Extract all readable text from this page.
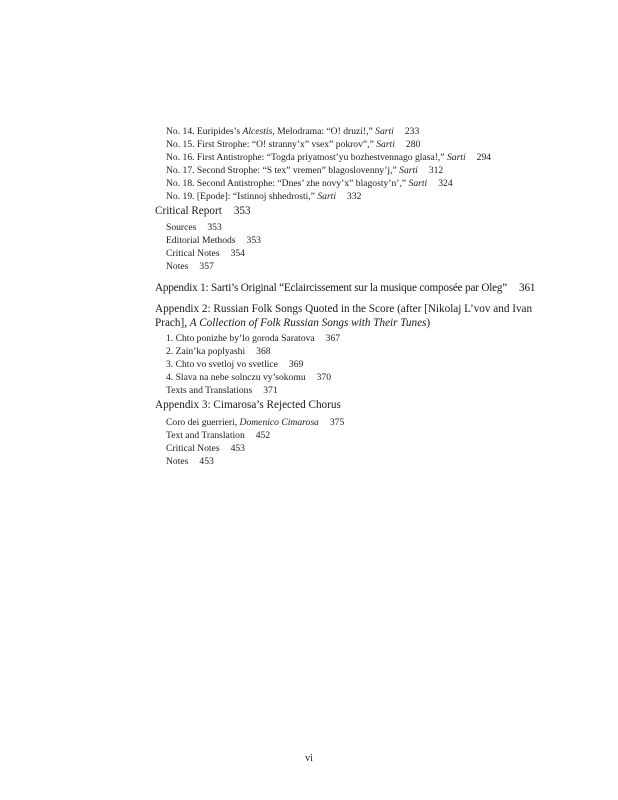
No. 14. Euripides’s Alcestis, Melodrama: “O! druzi!,” Sarti 233
No. 15. First Strophe: “O! stranny’x” vsex” pokrov”,” Sarti 280
No. 16. First Antistrophe: “Togda priyatnost’yu bozhestvennago glasa!,” Sarti 294
No. 17. Second Strophe: “S tex” vremen” blagoslovenny’j,” Sarti 312
No. 18. Second Antistrophe: “Dnes’ zhe novy’x” blagosty’n’,” Sarti 324
No. 19. [Epode]: “Istinnoj shhedrosti,” Sarti 332
Critical Report 353
Sources 353
Editorial Methods 353
Critical Notes 354
Notes 357
Appendix 1: Sarti’s Original “Eclaircissement sur la musique composée par Oleg” 361
Appendix 2: Russian Folk Songs Quoted in the Score (after [Nikolaj L’vov and Ivan
Prach], A Collection of Folk Russian Songs with Their Tunes)
1. Chto ponizhe by’lo goroda Saratova 367
2. Zain’ka poplyashi 368
3. Chto vo svetloj vo svetlice 369
4. Slava na nebe solnczu vy’sokomu 370
Texts and Translations 371
Appendix 3: Cimarosa’s Rejected Chorus
Coro dei guerrieri, Domenico Cimarosa 375
Text and Translation 452
Critical Notes 453
Notes 453
vi
